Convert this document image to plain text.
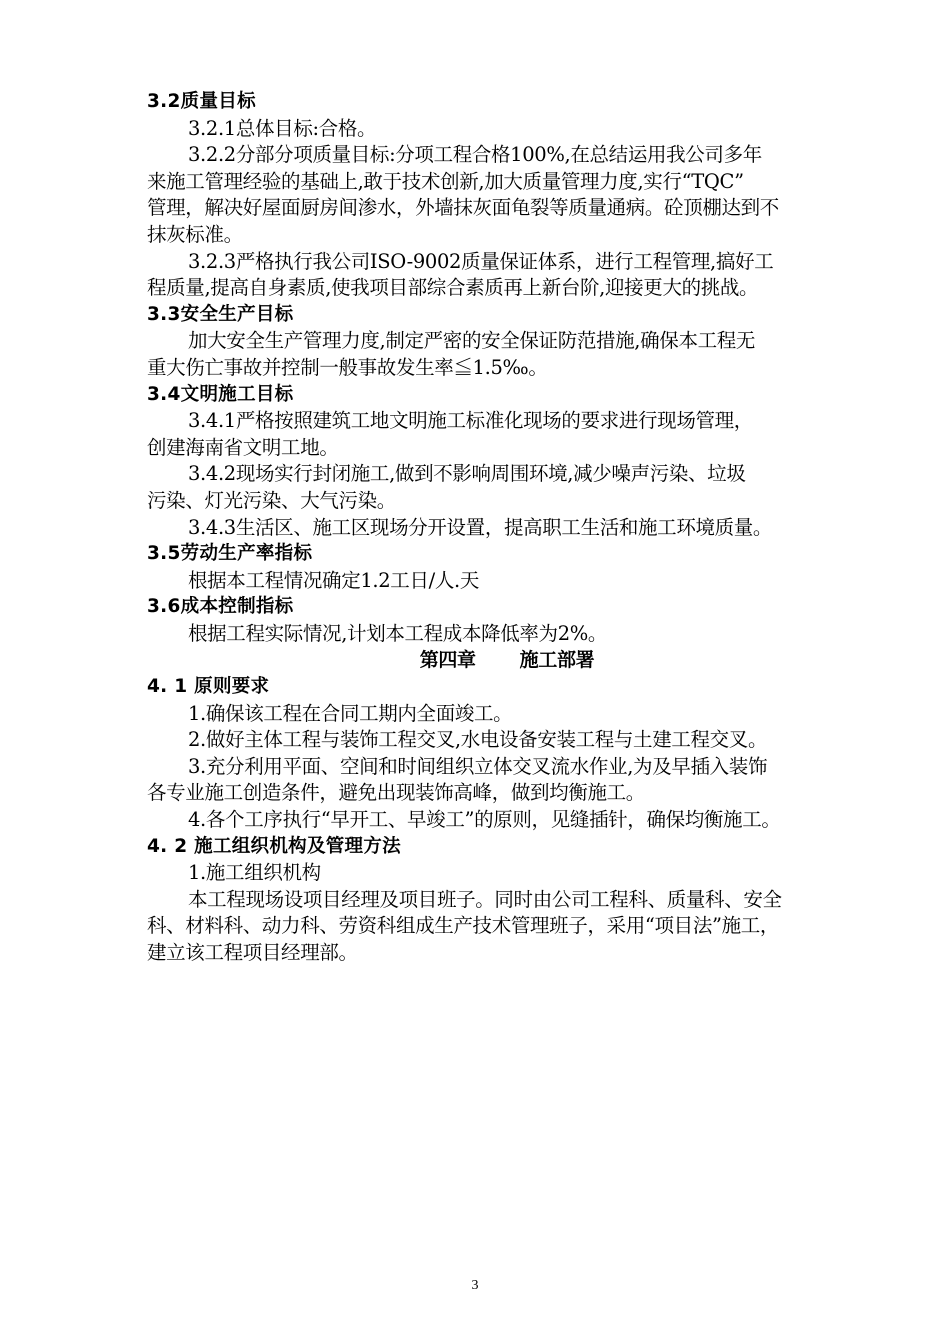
3.2质量目标
3.2.1总体目标:合格。
3.2.2分部分项质量目标:分项工程合格100%,在总结运用我公司多年
来施工管理经验的基础上,敢于技术创新,加大质量管理力度,实行“TQC”
管理，解决好屋面厨房间渗水，外墙抹灰面龟裂等质量通病。砼顶棚达到不
抹灰标准。
3.2.3严格执行我公司ISO-9002质量保证体系，进行工程管理,搞好工
程质量,提高自身素质,使我项目部综合素质再上新台阶,迎接更大的挑战。
3.3安全生产目标
加大安全生产管理力度,制定严密的安全保证防范措施,确保本工程无
重大伤亡事故并控制一般事故发生率≦1.5‰。
3.4文明施工目标
3.4.1严格按照建筑工地文明施工标准化现场的要求进行现场管理，
创建海南省文明工地。
3.4.2现场实行封闭施工,做到不影响周围环境,减少噪声污染、垃圾
污染、灯光污染、大气污染。
3.4.3生活区、施工区现场分开设置，提高职工生活和施工环境质量。
3.5劳动生产率指标
根据本工程情况确定1.2工日/人.天
3.6成本控制指标
根据工程实际情况,计划本工程成本降低率为2%。
第四章 施工部署
4. 1 原则要求
1.确保该工程在合同工期内全面竣工。
2.做好主体工程与装饰工程交叉,水电设备安装工程与土建工程交叉。
3.充分利用平面、空间和时间组织立体交叉流水作业,为及早插入装饰
各专业施工创造条件，避免出现装饰高峰，做到均衡施工。
4.各个工序执行“早开工、早竣工”的原则，见缝插针，确保均衡施工。
4. 2 施工组织机构及管理方法
1.施工组织机构
本工程现场设项目经理及项目班子。同时由公司工程科、质量科、安全
科、材料科、动力科、劳资科组成生产技术管理班子，采用“项目法”施工，
建立该工程项目经理部。
3
